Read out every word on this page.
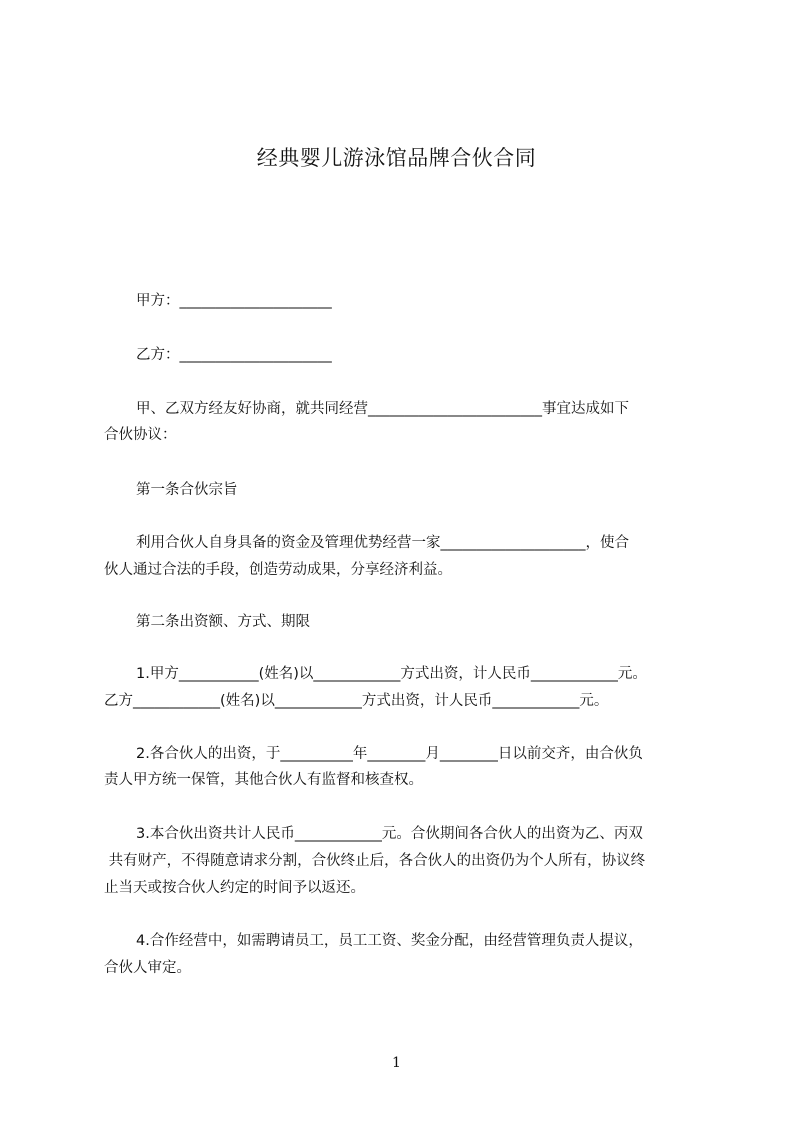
经典婴儿游泳馆品牌合伙合同
甲方：_____________________
乙方：_____________________
甲、乙双方经友好协商，就共同经营________________________事宜达成如下
合伙协议：
第一条合伙宗旨
利用合伙人自身具备的资金及管理优势经营一家____________________，使合
伙人通过合法的手段，创造劳动成果，分享经济利益。
第二条出资额、方式、期限
1.甲方___________(姓名)以____________方式出资，计人民币____________元。
乙方____________(姓名)以____________方式出资，计人民币____________元。
2.各合伙人的出资，于__________年________月________日以前交齐，由合伙负
责人甲方统一保管，其他合伙人有监督和核查权。
3.本合伙出资共计人民币____________元。合伙期间各合伙人的出资为乙、丙双
共有财产，不得随意请求分割，合伙终止后，各合伙人的出资仍为个人所有，协议终
止当天或按合伙人约定的时间予以返还。
4.合作经营中，如需聘请员工，员工工资、奖金分配，由经营管理负责人提议，
合伙人审定。
1
